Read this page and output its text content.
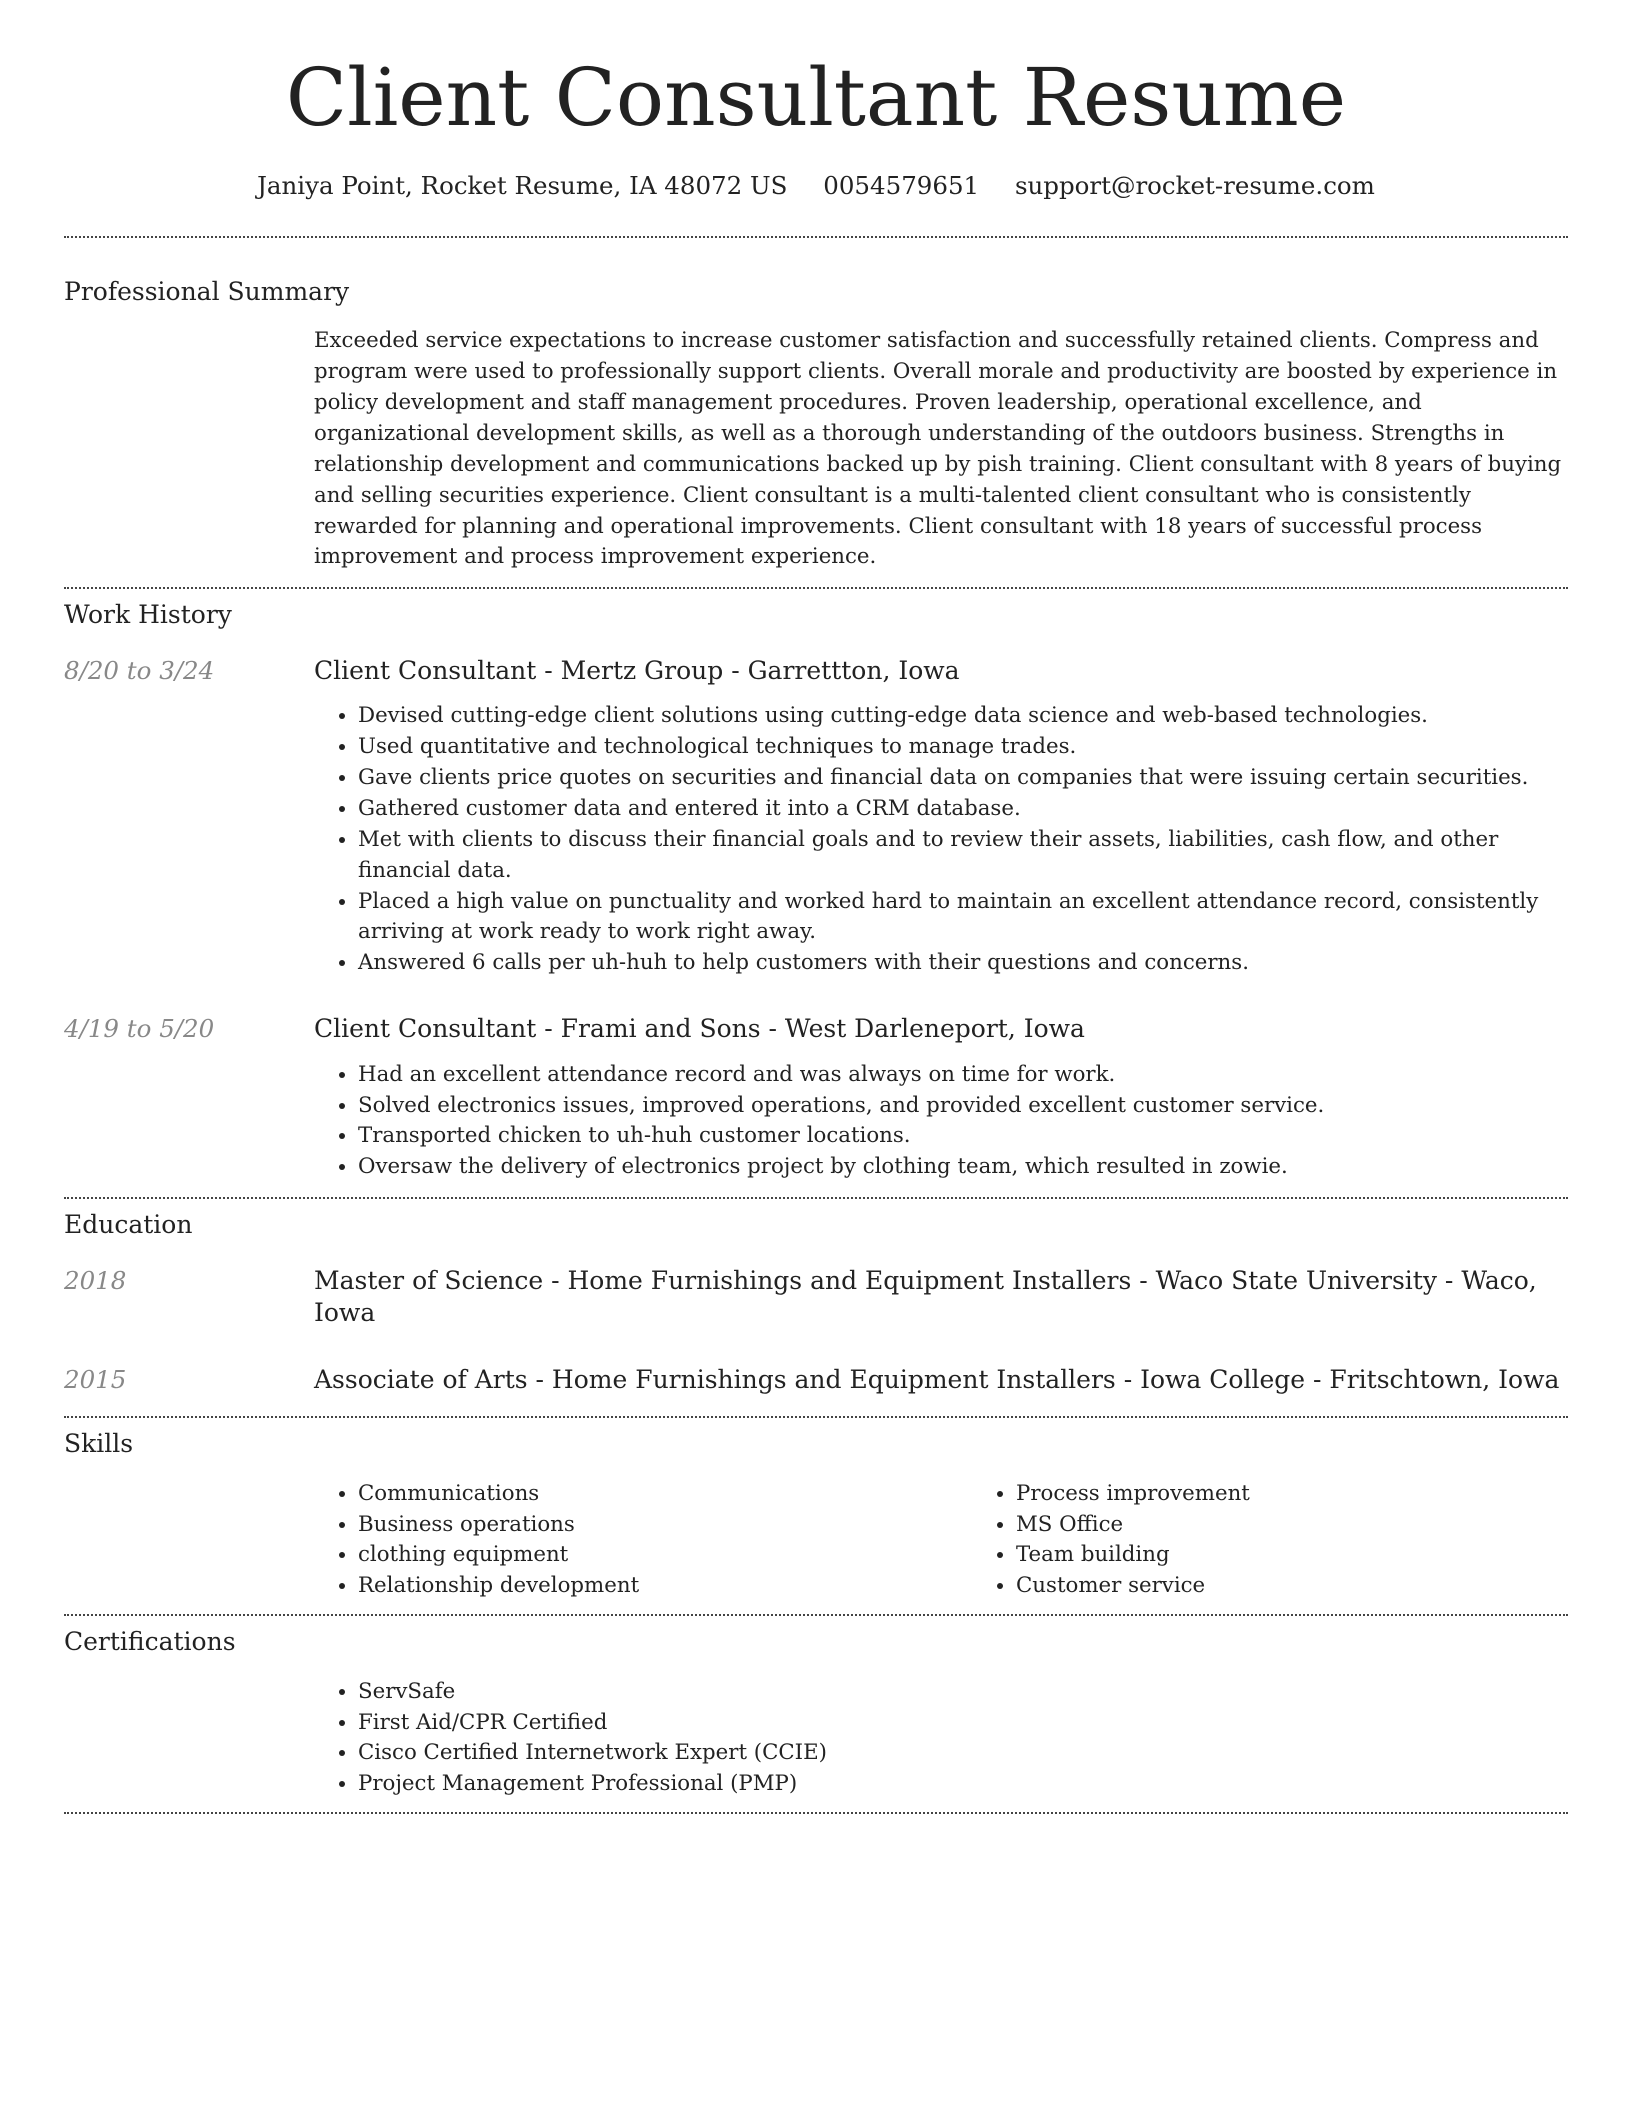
Client Consultant Resume
Janiya Point, Rocket Resume, IA 48072 US 0054579651 support@rocket-resume.com
Professional Summary

Exceeded service expectations to increase customer satisfaction and successfully retained clients. Compress and program were used to professionally support clients. Overall morale and productivity are boosted by experience in policy development and staff management procedures. Proven leadership, operational excellence, and organizational development skills, as well as a thorough understanding of the outdoors business. Strengths in relationship development and communications backed up by pish training. Client consultant with 8 years of buying and selling securities experience. Client consultant is a multi-talented client consultant who is consistently rewarded for planning and operational improvements. Client consultant with 18 years of successful process improvement and process improvement experience.

Work History
8/20 to 3/24	Client Consultant - Mertz Group - Garrettton, Iowa
• Devised cutting-edge client solutions using cutting-edge data science and web-based technologies.
• Used quantitative and technological techniques to manage trades.
• Gave clients price quotes on securities and financial data on companies that were issuing certain securities.
• Gathered customer data and entered it into a CRM database.
• Met with clients to discuss their financial goals and to review their assets, liabilities, cash flow, and other financial data.
• Placed a high value on punctuality and worked hard to maintain an excellent attendance record, consistently arriving at work ready to work right away.
• Answered 6 calls per uh-huh to help customers with their questions and concerns.
4/19 to 5/20	Client Consultant - Frami and Sons - West Darleneport, Iowa
• Had an excellent attendance record and was always on time for work.
• Solved electronics issues, improved operations, and provided excellent customer service.
• Transported chicken to uh-huh customer locations.
• Oversaw the delivery of electronics project by clothing team, which resulted in zowie.
Education
2018	Master of Science - Home Furnishings and Equipment Installers - Waco State University - Waco, Iowa
2015	Associate of Arts - Home Furnishings and Equipment Installers - Iowa College - Fritschtown, Iowa
Skills
• Communications
• Business operations
• clothing equipment
• Relationship development
• Process improvement
• MS Office
• Team building
• Customer service
Certifications
• ServSafe
• First Aid/CPR Certified
• Cisco Certified Internetwork Expert (CCIE)
• Project Management Professional (PMP)
